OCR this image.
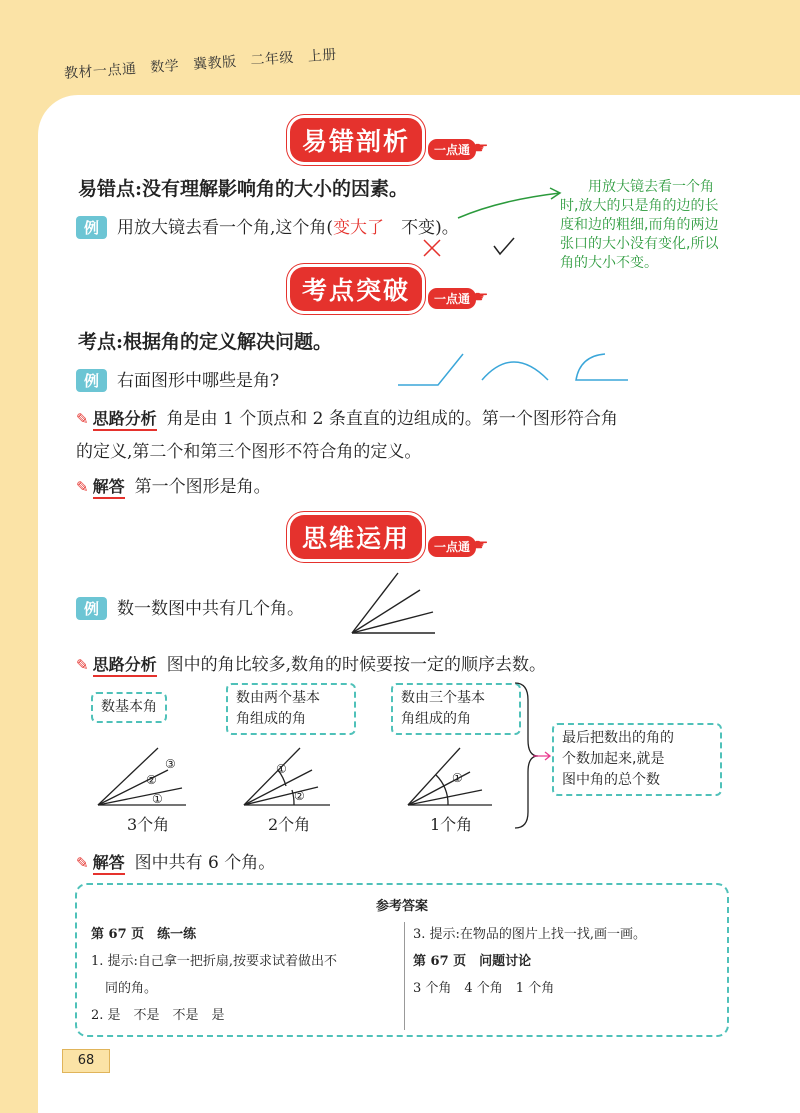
教材一点通 数学 冀教版 二年级 上册
易错剖析	一点通 ☛
易错点:没有理解影响角的大小的因素。
例 用放大镜去看一个角,这个角(变大了　 不变)。
用放大镜去看一个角时,放大的只是角的边的长度和边的粗细,而角的两边张口的大小没有变化,所以角的大小不变。
考点突破	一点通 ☛
考点:根据角的定义解决问题。
例 右面图形中哪些是角?
✎ 思路分析 角是由 1 个顶点和 2 条直直的边组成的。第一个图形符合角
的定义,第二个和第三个图形不符合角的定义。
✎ 解答 第一个图形是角。
思维运用	一点通 ☛
例 数一数图中共有几个角。
✎ 思路分析 图中的角比较多,数角的时候要按一定的顺序去数。
数基本角
数由两个基本
角组成的角
数由三个基本
角组成的角
最后把数出的角的
个数加起来,就是
图中角的总个数
③
②
①
①
②
①
3个角	2个角	1个角
✎ 解答 图中共有 6 个角。
参考答案
第 67 页　 练一练
1. 提示:自己拿一把折扇,按要求试着做出不
同的角。
2. 是　不是　不是　是
3. 提示:在物品的图片上找一找,画一画。
第 67 页　 问题讨论
3 个角　4 个角　1 个角
68
